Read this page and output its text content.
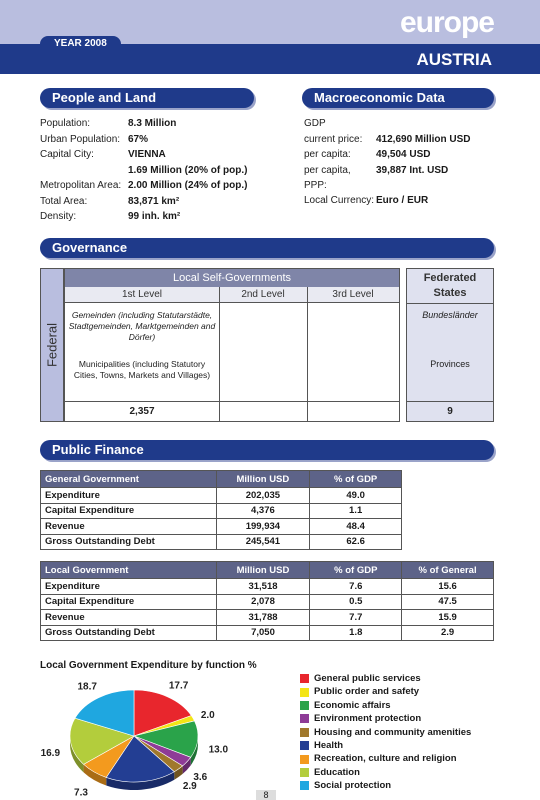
europe
YEAR 2008
AUSTRIA
People and Land
Population:	8.3 Million
Urban Population: 67%
Capital City:	VIENNA
1.69 Million (20% of pop.)
Metropolitan Area: 2.00 Million (24% of pop.)
Total Area:	83,871 km²
Density:	99 inh. km²
Macroeconomic Data
GDP
current price:	412,690 Million USD
per capita:	49,504 USD
per capita, PPP:
39,887 Int. USD
Local Currency: Euro / EUR
Governance
Federal
Local Self-Governments
1st Level	2nd Level	3rd Level
Gemeinden (including Statutarstädte, Stadtgemeinden, Marktgemeinden and Dörfer)
Municipalities (including Statutory Cities, Towns, Markets and Villages)
2,357
Federated States
Bundesländer
Provinces
9
Public Finance
General Government	Million USD	% of GDP
Expenditure	202,035	49.0
Capital Expenditure	4,376	1.1
Revenue	199,934	48.4
Gross Outstanding Debt	245,541	62.6
Local Government	Million USD	% of GDP	% of General
Expenditure	31,518	7.6	15.6
Capital Expenditure	2,078	0.5	47.5
Revenue	31,788	7.7	15.9
Gross Outstanding Debt	7,050	1.8	2.9
Local Government Expenditure by function %
17.7
2.0
13.0
3.6
2.9
7.3
16.9
18.7
General public services
Public order and safety
Economic affairs
Environment protection
Housing and community amenities
Health
Recreation, culture and religion
Education
Social protection
8
